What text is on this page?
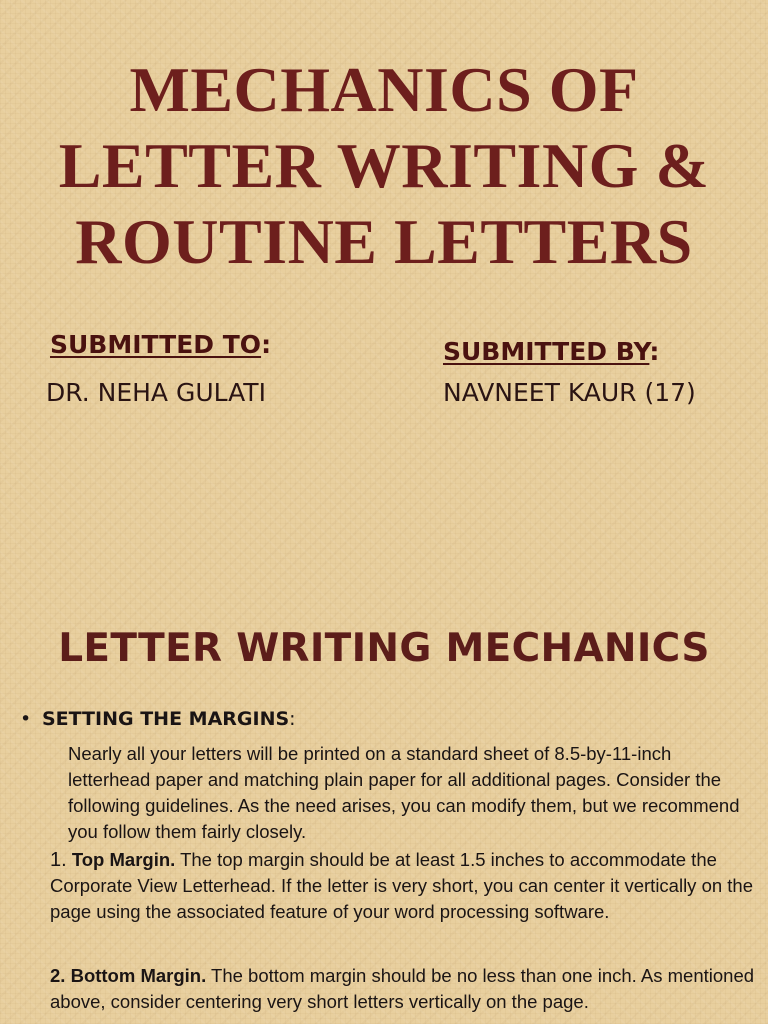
MECHANICS OF
LETTER WRITING &
ROUTINE LETTERS
SUBMITTED TO:
DR. NEHA GULATI
SUBMITTED BY:
NAVNEET KAUR (17)
LETTER WRITING MECHANICS
• SETTING THE MARGINS:

Nearly all your letters will be printed on a standard sheet of 8.5-by-11-inch letterhead paper and matching plain paper for all additional pages. Consider the following guidelines. As the need arises, you can modify them, but we recommend you follow them fairly closely.

1. Top Margin. The top margin should be at least 1.5 inches to accommodate the Corporate View Letterhead. If the letter is very short, you can center it vertically on the page using the associated feature of your word processing software.

2. Bottom Margin. The bottom margin should be no less than one inch. As mentioned above, consider centering very short letters vertically on the page.
